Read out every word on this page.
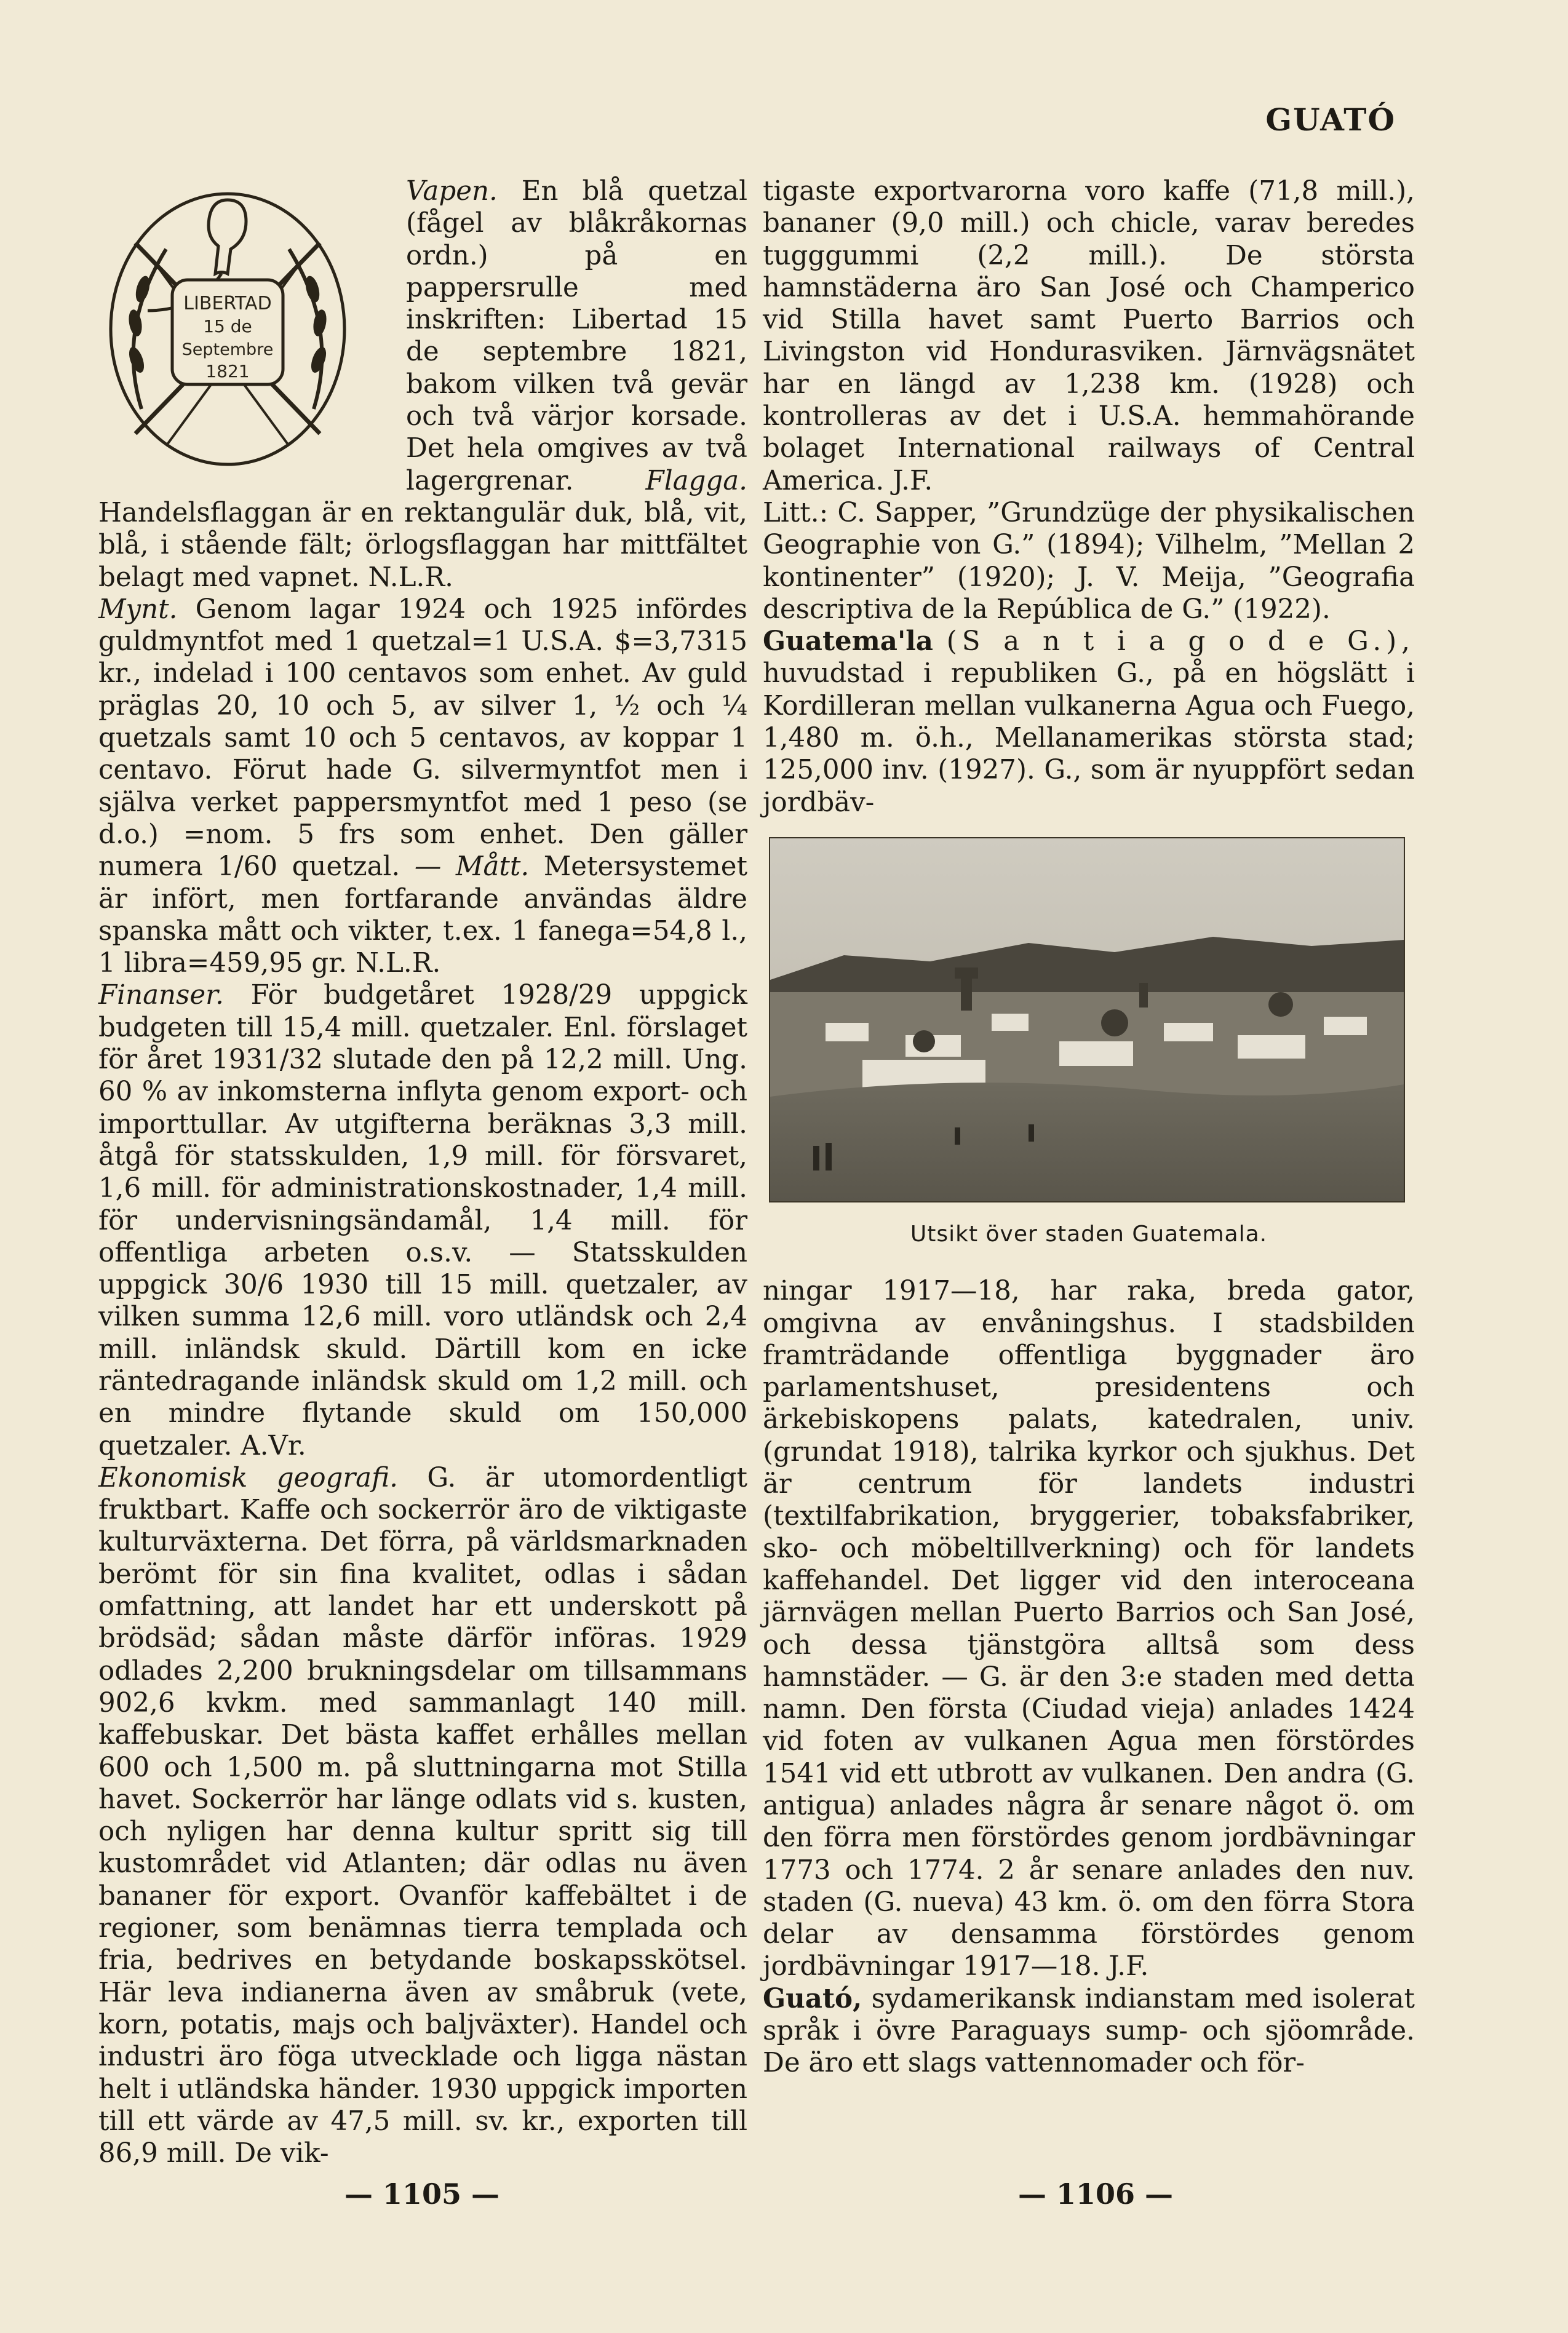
GUATÓ
LIBERTAD
15 de
Septembre
1821

Vapen. En blå quetzal (fågel av blåkråkornas ordn.) på en pappersrulle med inskriften: Libertad 15 de septembre 1821, bakom vilken två gevär och två värjor korsade. Det hela omgives av två lagergrenar.	Flagga. Handelsflaggan är en rektangulär duk, blå, vit, blå, i stående fält; örlogsflaggan har mittfältet belagt med vapnet. N.L.R.

Mynt. Genom lagar 1924 och 1925 infördes guldmyntfot med 1 quetzal=1 U.S.A. $=3,7315 kr., indelad i 100 centavos som enhet. Av guld präglas 20, 10 och 5, av silver 1, ½ och ¼ quetzals samt 10 och 5 centavos, av koppar 1 centavo. Förut hade G. silvermyntfot men i själva verket pappersmyntfot med 1 peso (se d.o.) =nom. 5 frs som enhet. Den gäller numera 1/60 quetzal. — Mått. Metersystemet är infört, men fortfarande användas äldre spanska mått och vikter, t.ex. 1 fanega=54,8 l., 1 libra=459,95 gr. N.L.R.

Finanser. För budgetåret 1928/29 uppgick budgeten till 15,4 mill. quetzaler. Enl. förslaget för året 1931/32 slutade den på 12,2 mill. Ung. 60 % av inkomsterna inflyta genom export- och importtullar. Av utgifterna beräknas 3,3 mill. åtgå för statsskulden, 1,9 mill. för försvaret, 1,6 mill. för administrationskostnader, 1,4 mill. för undervisningsändamål, 1,4 mill. för offentliga arbeten o.s.v. — Statsskulden uppgick 30/6 1930 till 15 mill. quetzaler, av vilken summa 12,6 mill. voro utländsk och 2,4 mill. inländsk skuld. Därtill kom en icke räntedragande inländsk skuld om 1,2 mill. och en mindre flytande skuld om 150,000 quetzaler. A.Vr.

Ekonomisk geografi. G. är utomordentligt fruktbart. Kaffe och sockerrör äro de viktigaste kulturväxterna. Det förra, på världsmarknaden berömt för sin fina kvalitet, odlas i sådan omfattning, att landet har ett underskott på brödsäd; sådan måste därför införas. 1929 odlades 2,200 brukningsdelar om tillsammans 902,6 kvkm. med sammanlagt 140 mill. kaffebuskar. Det bästa kaffet erhålles mellan 600 och 1,500 m. på sluttningarna mot Stilla havet. Sockerrör har länge odlats vid s. kusten, och nyligen har denna kultur spritt sig till kustområdet vid Atlanten; där odlas nu även bananer för export. Ovanför kaffebältet i de regioner, som benämnas tierra templada och fria, bedrives en betydande boskapsskötsel. Här leva indianerna även av småbruk (vete, korn, potatis, majs och baljväxter). Handel och industri äro föga utvecklade och ligga nästan helt i utländska händer. 1930 uppgick importen till ett värde av 47,5 mill. sv. kr., exporten till 86,9 mill. De vik-

tigaste exportvarorna voro kaffe (71,8 mill.), bananer (9,0 mill.) och chicle, varav beredes tugggummi (2,2 mill.). De största hamnstäderna äro San José och Champerico vid Stilla havet samt Puerto Barrios och Livingston vid Hondurasviken. Järnvägsnätet har en längd av 1,238 km. (1928) och kontrolleras av det i U.S.A. hemmahörande bolaget International railways of Central America. J.F.

Litt.: C. Sapper, ”Grundzüge der physikalischen Geographie von G.” (1894); Vilhelm, ”Mellan 2 kontinenter” (1920); J. V. Meija, ”Geografia descriptiva de la República de G.” (1922).

Guatema'la (S a n t i a g o d e G.), huvudstad i republiken G., på en högslätt i Kordilleran mellan vulkanerna Agua och Fuego, 1,480 m. ö.h., Mellanamerikas största stad; 125,000 inv. (1927). G., som är nyuppfört sedan jordbäv-

Utsikt över staden Guatemala.

ningar 1917—18, har raka, breda gator, omgivna av envåningshus. I stadsbilden framträdande offentliga byggnader äro parlamentshuset, presidentens och ärkebiskopens palats, katedralen, univ. (grundat 1918), talrika kyrkor och sjukhus. Det är centrum för landets industri (textilfabrikation, bryggerier, tobaksfabriker, sko- och möbeltillverkning) och för landets kaffehandel. Det ligger vid den interoceana järnvägen mellan Puerto Barrios och San José, och dessa tjänstgöra alltså som dess hamnstäder. — G. är den 3:e staden med detta namn. Den första (Ciudad vieja) anlades 1424 vid foten av vulkanen Agua men förstördes 1541 vid ett utbrott av vulkanen. Den andra (G. antigua) anlades några år senare något ö. om den förra men förstördes genom jordbävningar 1773 och 1774. 2 år senare anlades den nuv. staden (G. nueva) 43 km. ö. om den förra Stora delar av densamma förstördes genom jordbävningar 1917—18. J.F.

Guató, sydamerikansk indianstam med isolerat språk i övre Paraguays sump- och sjöområde. De äro ett slags vattennomader och för-

— 1105 —	— 1106 —
